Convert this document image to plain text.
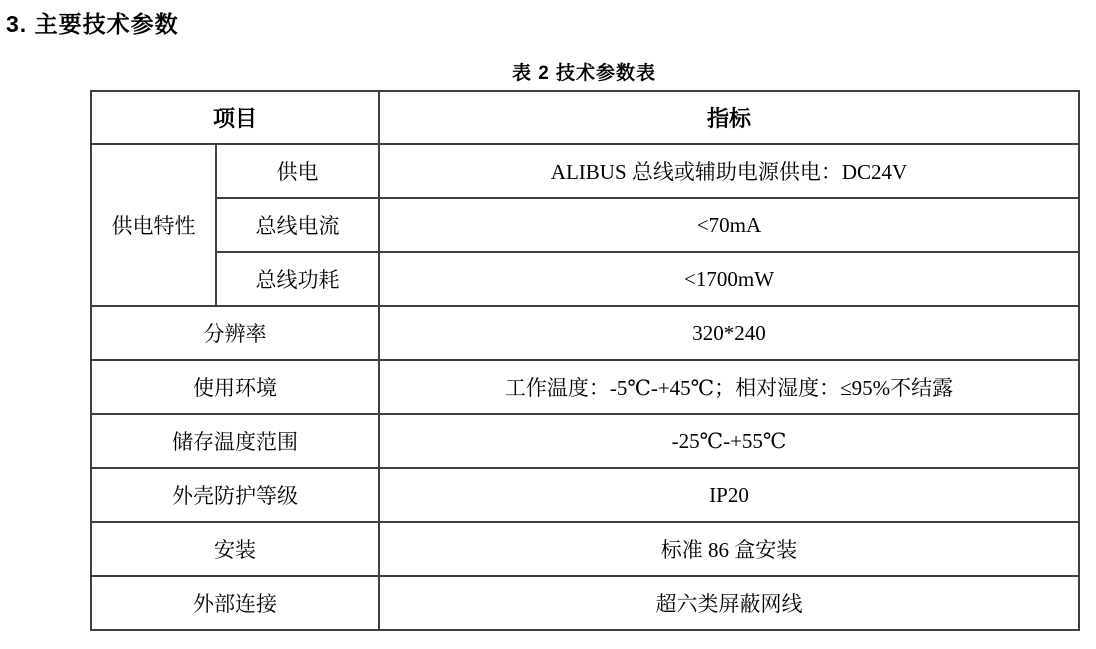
3. 主要技术参数
表 2 技术参数表
项目		指标
供电特性	供电	ALIBUS 总线或辅助电源供电：DC24V
	总线电流	<70mA
	总线功耗	<1700mW
分辨率		320*240
使用环境		工作温度：-5℃-+45℃；相对湿度：≤95%不结露
储存温度范围		-25℃-+55℃
外壳防护等级		IP20
安装		标准 86 盒安装
外部连接		超六类屏蔽网线
